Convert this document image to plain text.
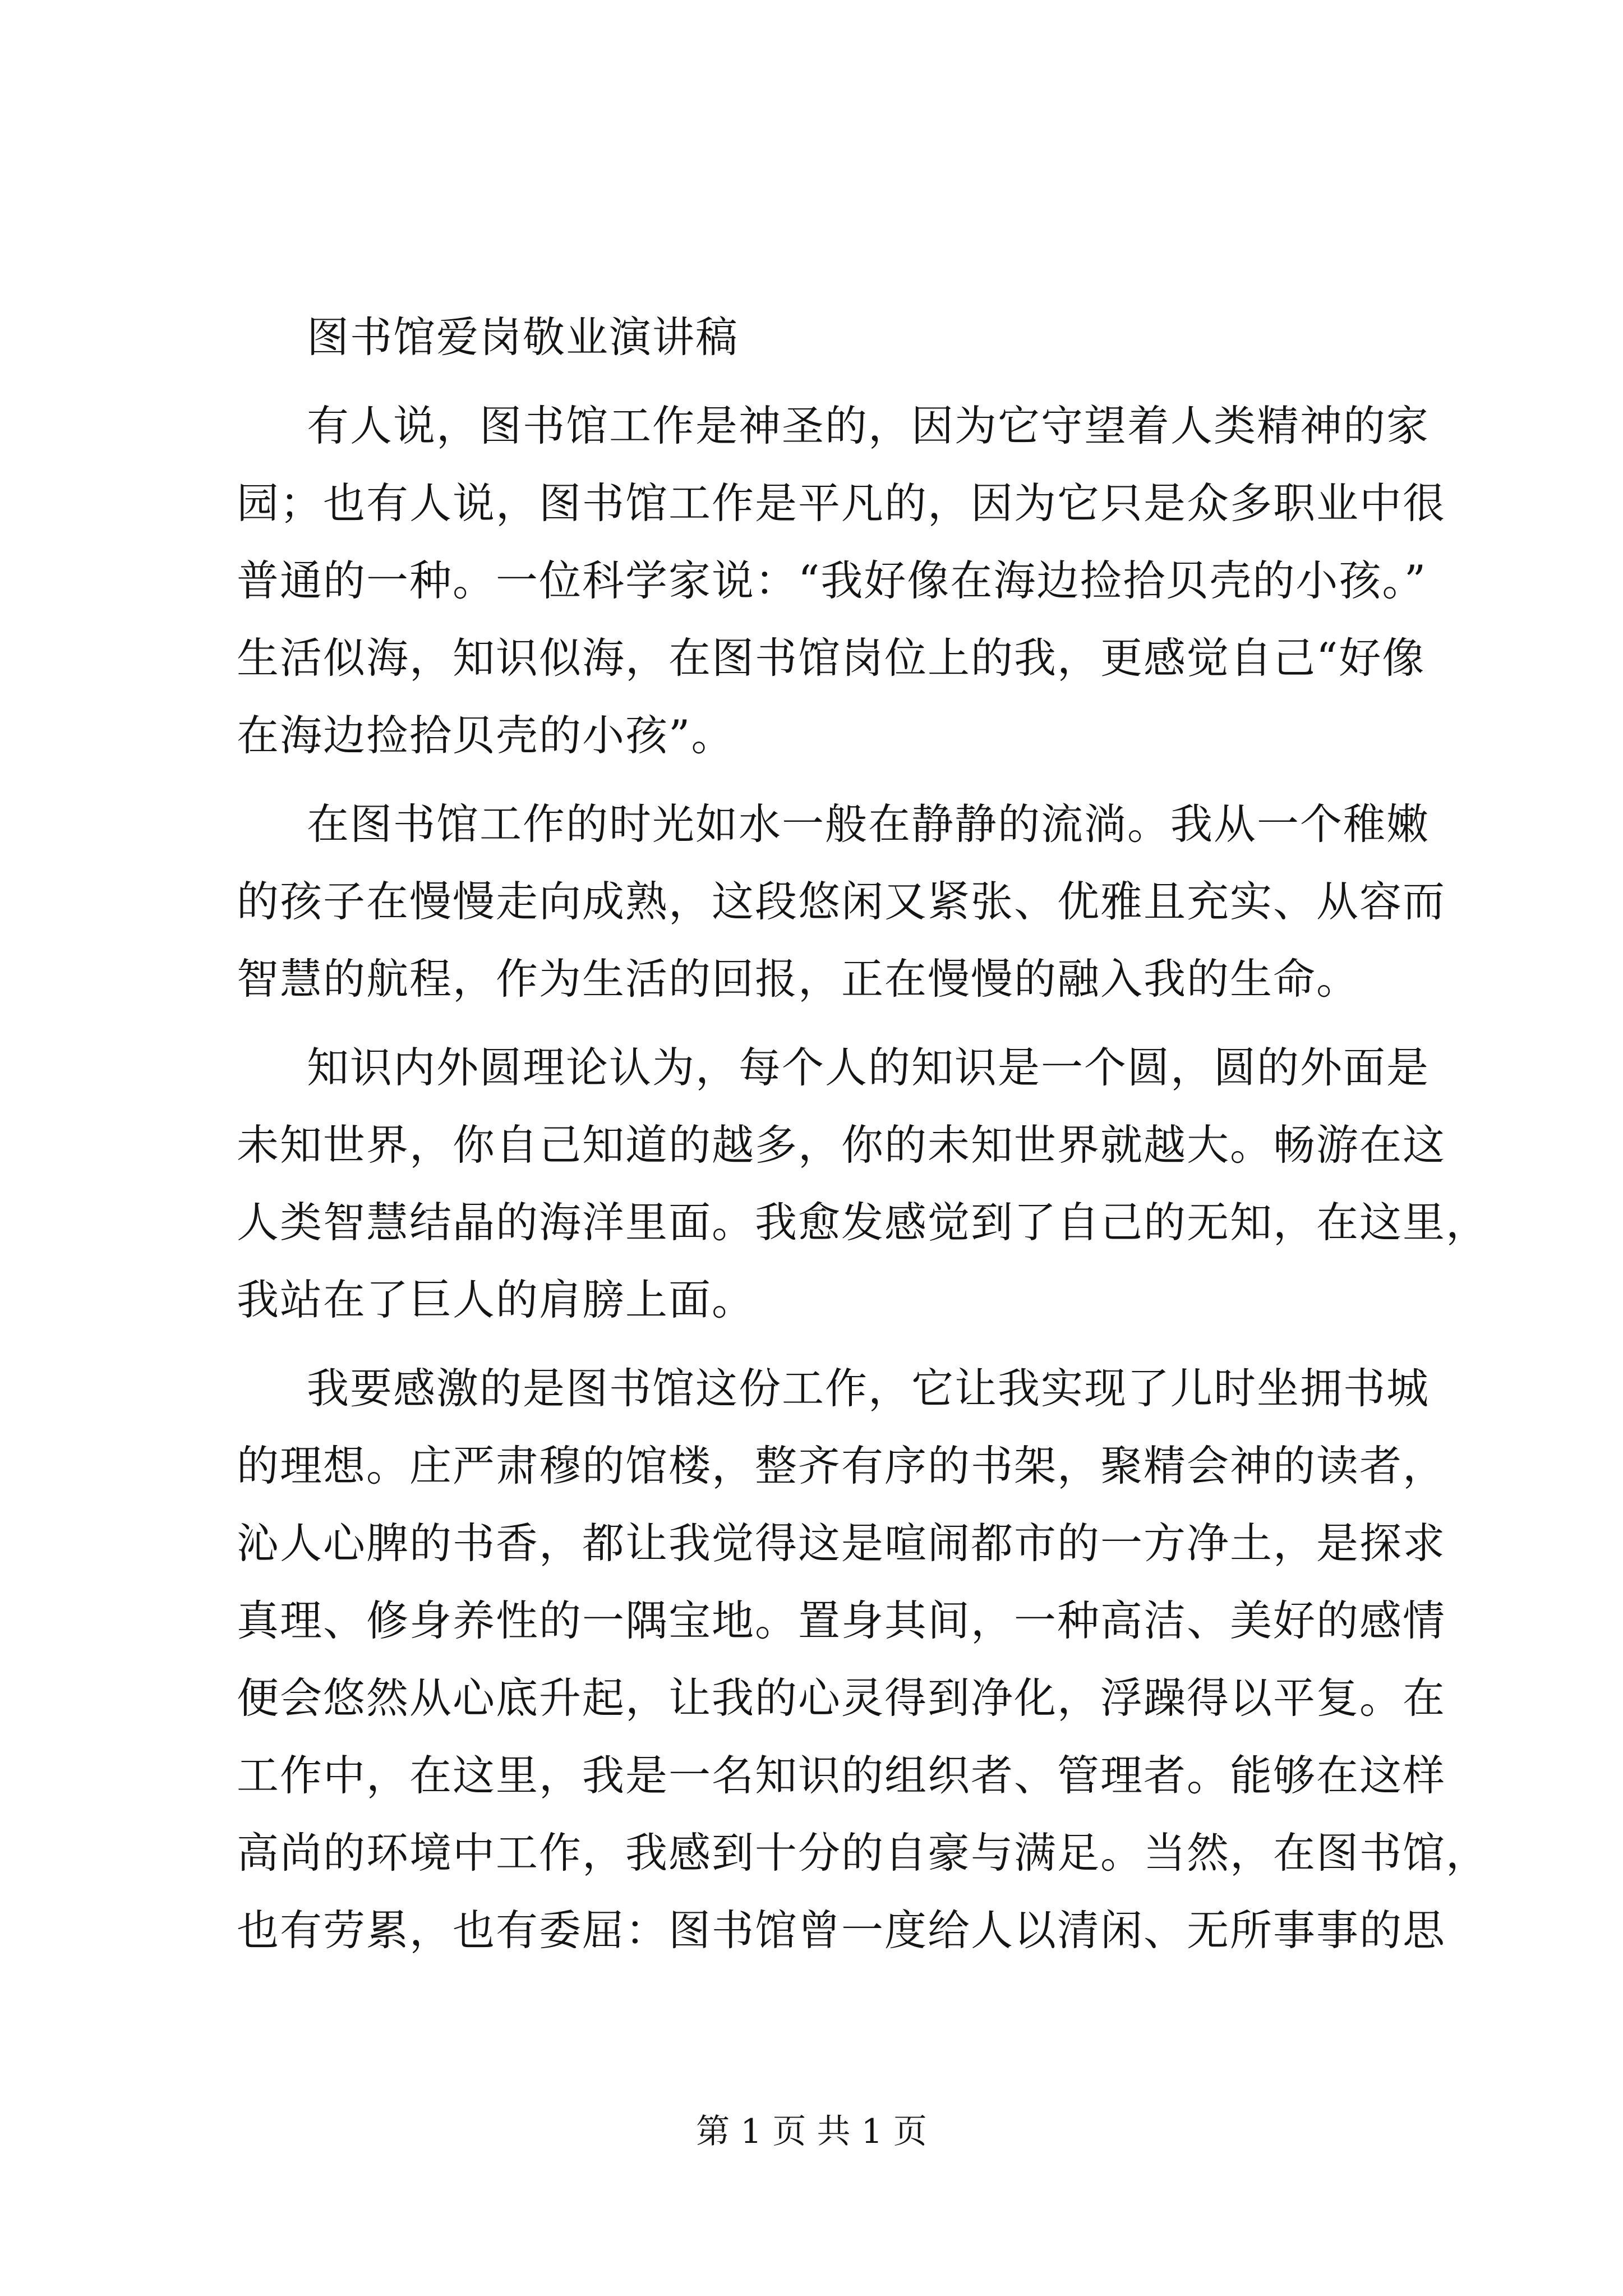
图书馆爱岗敬业演讲稿
有人说，图书馆工作是神圣的，因为它守望着人类精神的家
园；也有人说，图书馆工作是平凡的，因为它只是众多职业中很
普通的一种。一位科学家说：“我好像在海边捡拾贝壳的小孩。”
生活似海，知识似海，在图书馆岗位上的我，更感觉自己“好像
在海边捡拾贝壳的小孩”。
在图书馆工作的时光如水一般在静静的流淌。我从一个稚嫩
的孩子在慢慢走向成熟，这段悠闲又紧张、优雅且充实、从容而
智慧的航程，作为生活的回报，正在慢慢的融入我的生命。
知识内外圆理论认为，每个人的知识是一个圆，圆的外面是
未知世界，你自己知道的越多，你的未知世界就越大。畅游在这
人类智慧结晶的海洋里面。我愈发感觉到了自己的无知，在这里，
我站在了巨人的肩膀上面。
我要感激的是图书馆这份工作，它让我实现了儿时坐拥书城
的理想。庄严肃穆的馆楼，整齐有序的书架，聚精会神的读者，
沁人心脾的书香，都让我觉得这是喧闹都市的一方净土，是探求
真理、修身养性的一隅宝地。置身其间，一种高洁、美好的感情
便会悠然从心底升起，让我的心灵得到净化，浮躁得以平复。在
工作中，在这里，我是一名知识的组织者、管理者。能够在这样
高尚的环境中工作，我感到十分的自豪与满足。当然，在图书馆，
也有劳累，也有委屈：图书馆曾一度给人以清闲、无所事事的思
第 1 页 共 1 页
